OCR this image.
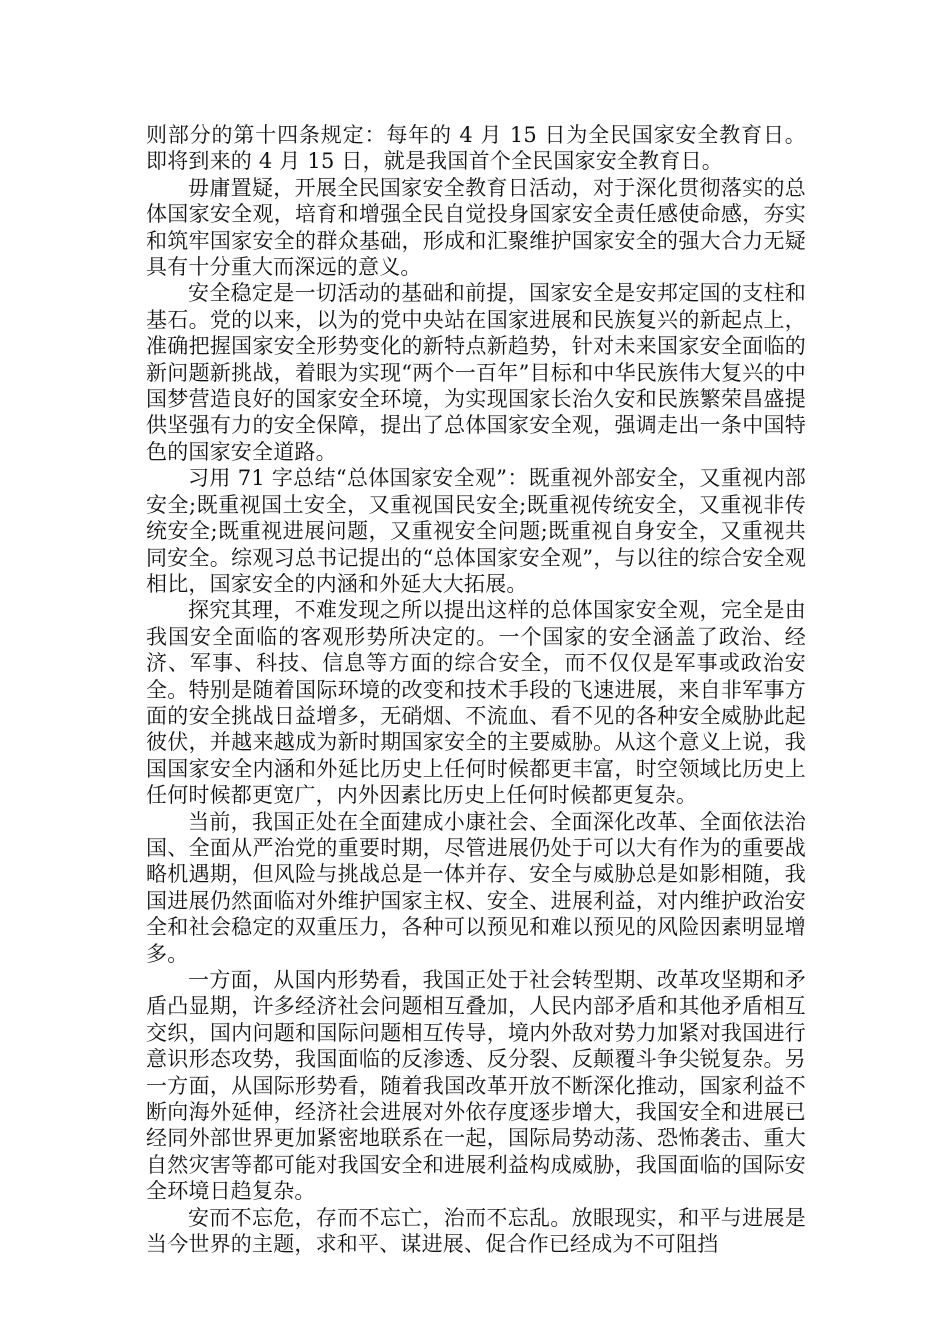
则部分的第十四条规定：每年的 4 月 15 日为全民国家安全教育日。即将到来的 4 月 15 日，就是我国首个全民国家安全教育日。

毋庸置疑，开展全民国家安全教育日活动，对于深化贯彻落实的总体国家安全观，培育和增强全民自觉投身国家安全责任感使命感，夯实和筑牢国家安全的群众基础，形成和汇聚维护国家安全的强大合力无疑具有十分重大而深远的意义。

安全稳定是一切活动的基础和前提，国家安全是安邦定国的支柱和基石。党的以来，以为的党中央站在国家进展和民族复兴的新起点上，准确把握国家安全形势变化的新特点新趋势，针对未来国家安全面临的新问题新挑战，着眼为实现“两个一百年”目标和中华民族伟大复兴的中国梦营造良好的国家安全环境，为实现国家长治久安和民族繁荣昌盛提供坚强有力的安全保障，提出了总体国家安全观，强调走出一条中国特色的国家安全道路。

习用 71 字总结“总体国家安全观”：既重视外部安全，又重视内部安全;既重视国土安全，又重视国民安全;既重视传统安全，又重视非传统安全;既重视进展问题，又重视安全问题;既重视自身安全，又重视共同安全。综观习总书记提出的“总体国家安全观”，与以往的综合安全观相比，国家安全的内涵和外延大大拓展。

探究其理，不难发现之所以提出这样的总体国家安全观，完全是由我国安全面临的客观形势所决定的。一个国家的安全涵盖了政治、经济、军事、科技、信息等方面的综合安全，而不仅仅是军事或政治安全。特别是随着国际环境的改变和技术手段的飞速进展，来自非军事方面的安全挑战日益增多，无硝烟、不流血、看不见的各种安全威胁此起彼伏，并越来越成为新时期国家安全的主要威胁。从这个意义上说，我国国家安全内涵和外延比历史上任何时候都更丰富，时空领域比历史上任何时候都更宽广，内外因素比历史上任何时候都更复杂。

当前，我国正处在全面建成小康社会、全面深化改革、全面依法治国、全面从严治党的重要时期，尽管进展仍处于可以大有作为的重要战略机遇期，但风险与挑战总是一体并存、安全与威胁总是如影相随，我国进展仍然面临对外维护国家主权、安全、进展利益，对内维护政治安全和社会稳定的双重压力，各种可以预见和难以预见的风险因素明显增多。

一方面，从国内形势看，我国正处于社会转型期、改革攻坚期和矛盾凸显期，许多经济社会问题相互叠加，人民内部矛盾和其他矛盾相互交织，国内问题和国际问题相互传导，境内外敌对势力加紧对我国进行意识形态攻势，我国面临的反渗透、反分裂、反颠覆斗争尖锐复杂。另一方面，从国际形势看，随着我国改革开放不断深化推动，国家利益不断向海外延伸，经济社会进展对外依存度逐步增大，我国安全和进展已经同外部世界更加紧密地联系在一起，国际局势动荡、恐怖袭击、重大自然灾害等都可能对我国安全和进展利益构成威胁，我国面临的国际安全环境日趋复杂。

安而不忘危，存而不忘亡，治而不忘乱。放眼现实，和平与进展是当今世界的主题，求和平、谋进展、促合作已经成为不可阻挡
